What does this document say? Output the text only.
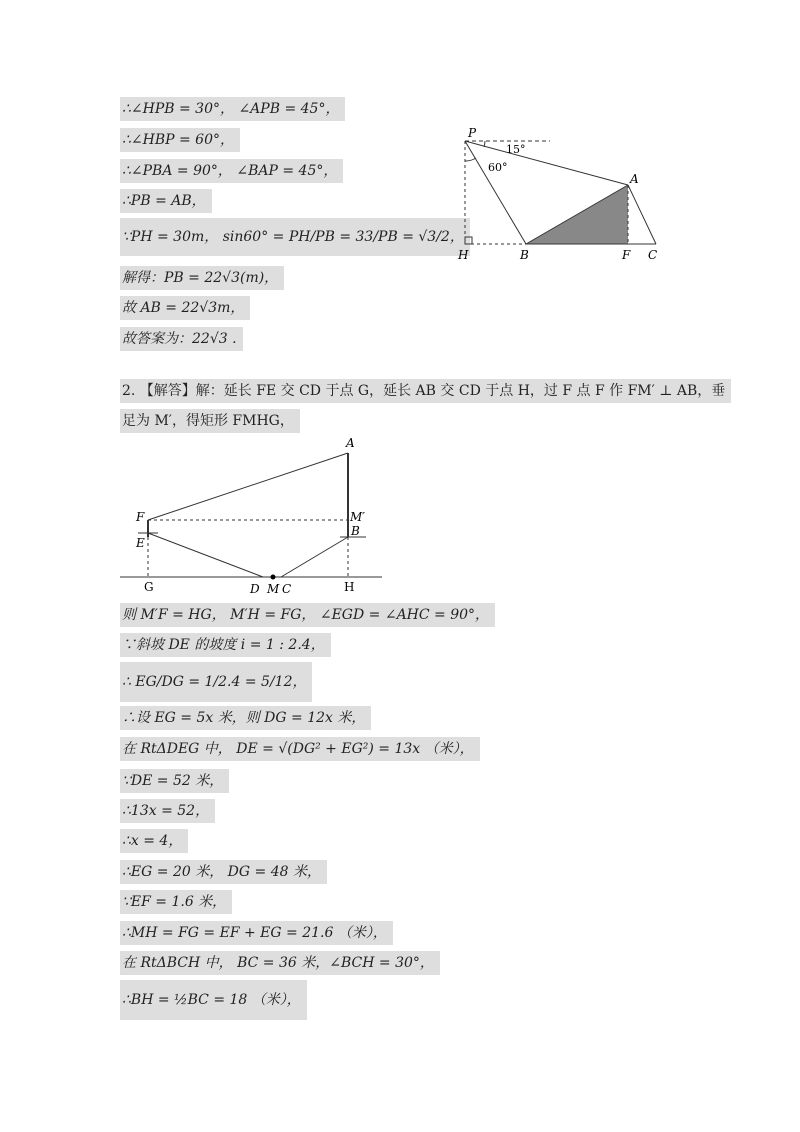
∴∠HPB = 30°， ∠APB = 45°，
∴∠HBP = 60°，
∴∠PBA = 90°， ∠BAP = 45°，
∴PB = AB，
∵PH = 30m， sin60° = PH/PB = 33/PB = √3/2，
解得：PB = 22√3(m)，
故 AB = 22√3m，
故答案为：22√3 .
P
15°
60°
A
H	B	F C
2. 【解答】解：延长 FE 交 CD 于点 G，延长 AB 交 CD 于点 H，过 F 点 F 作 FM′ ⊥ AB，垂
足为 M′，得矩形 FMHG，
A
F	M′
E
B
G	D M C	H
则 M′F = HG， M′H = FG， ∠EGD = ∠AHC = 90°，
∵斜坡 DE 的坡度 i = 1 : 2.4，
∴ EG/DG = 1/2.4 = 5/12，
∴设 EG = 5x 米，则 DG = 12x 米，
在 RtΔDEG 中， DE = √(DG² + EG²) = 13x （米），
∵DE = 52 米，
∴13x = 52，
∴x = 4，
∴EG = 20 米， DG = 48 米，
∵EF = 1.6 米，
∴MH = FG = EF + EG = 21.6 （米），
在 RtΔBCH 中， BC = 36 米，∠BCH = 30°，
∴BH = ½BC = 18 （米），
